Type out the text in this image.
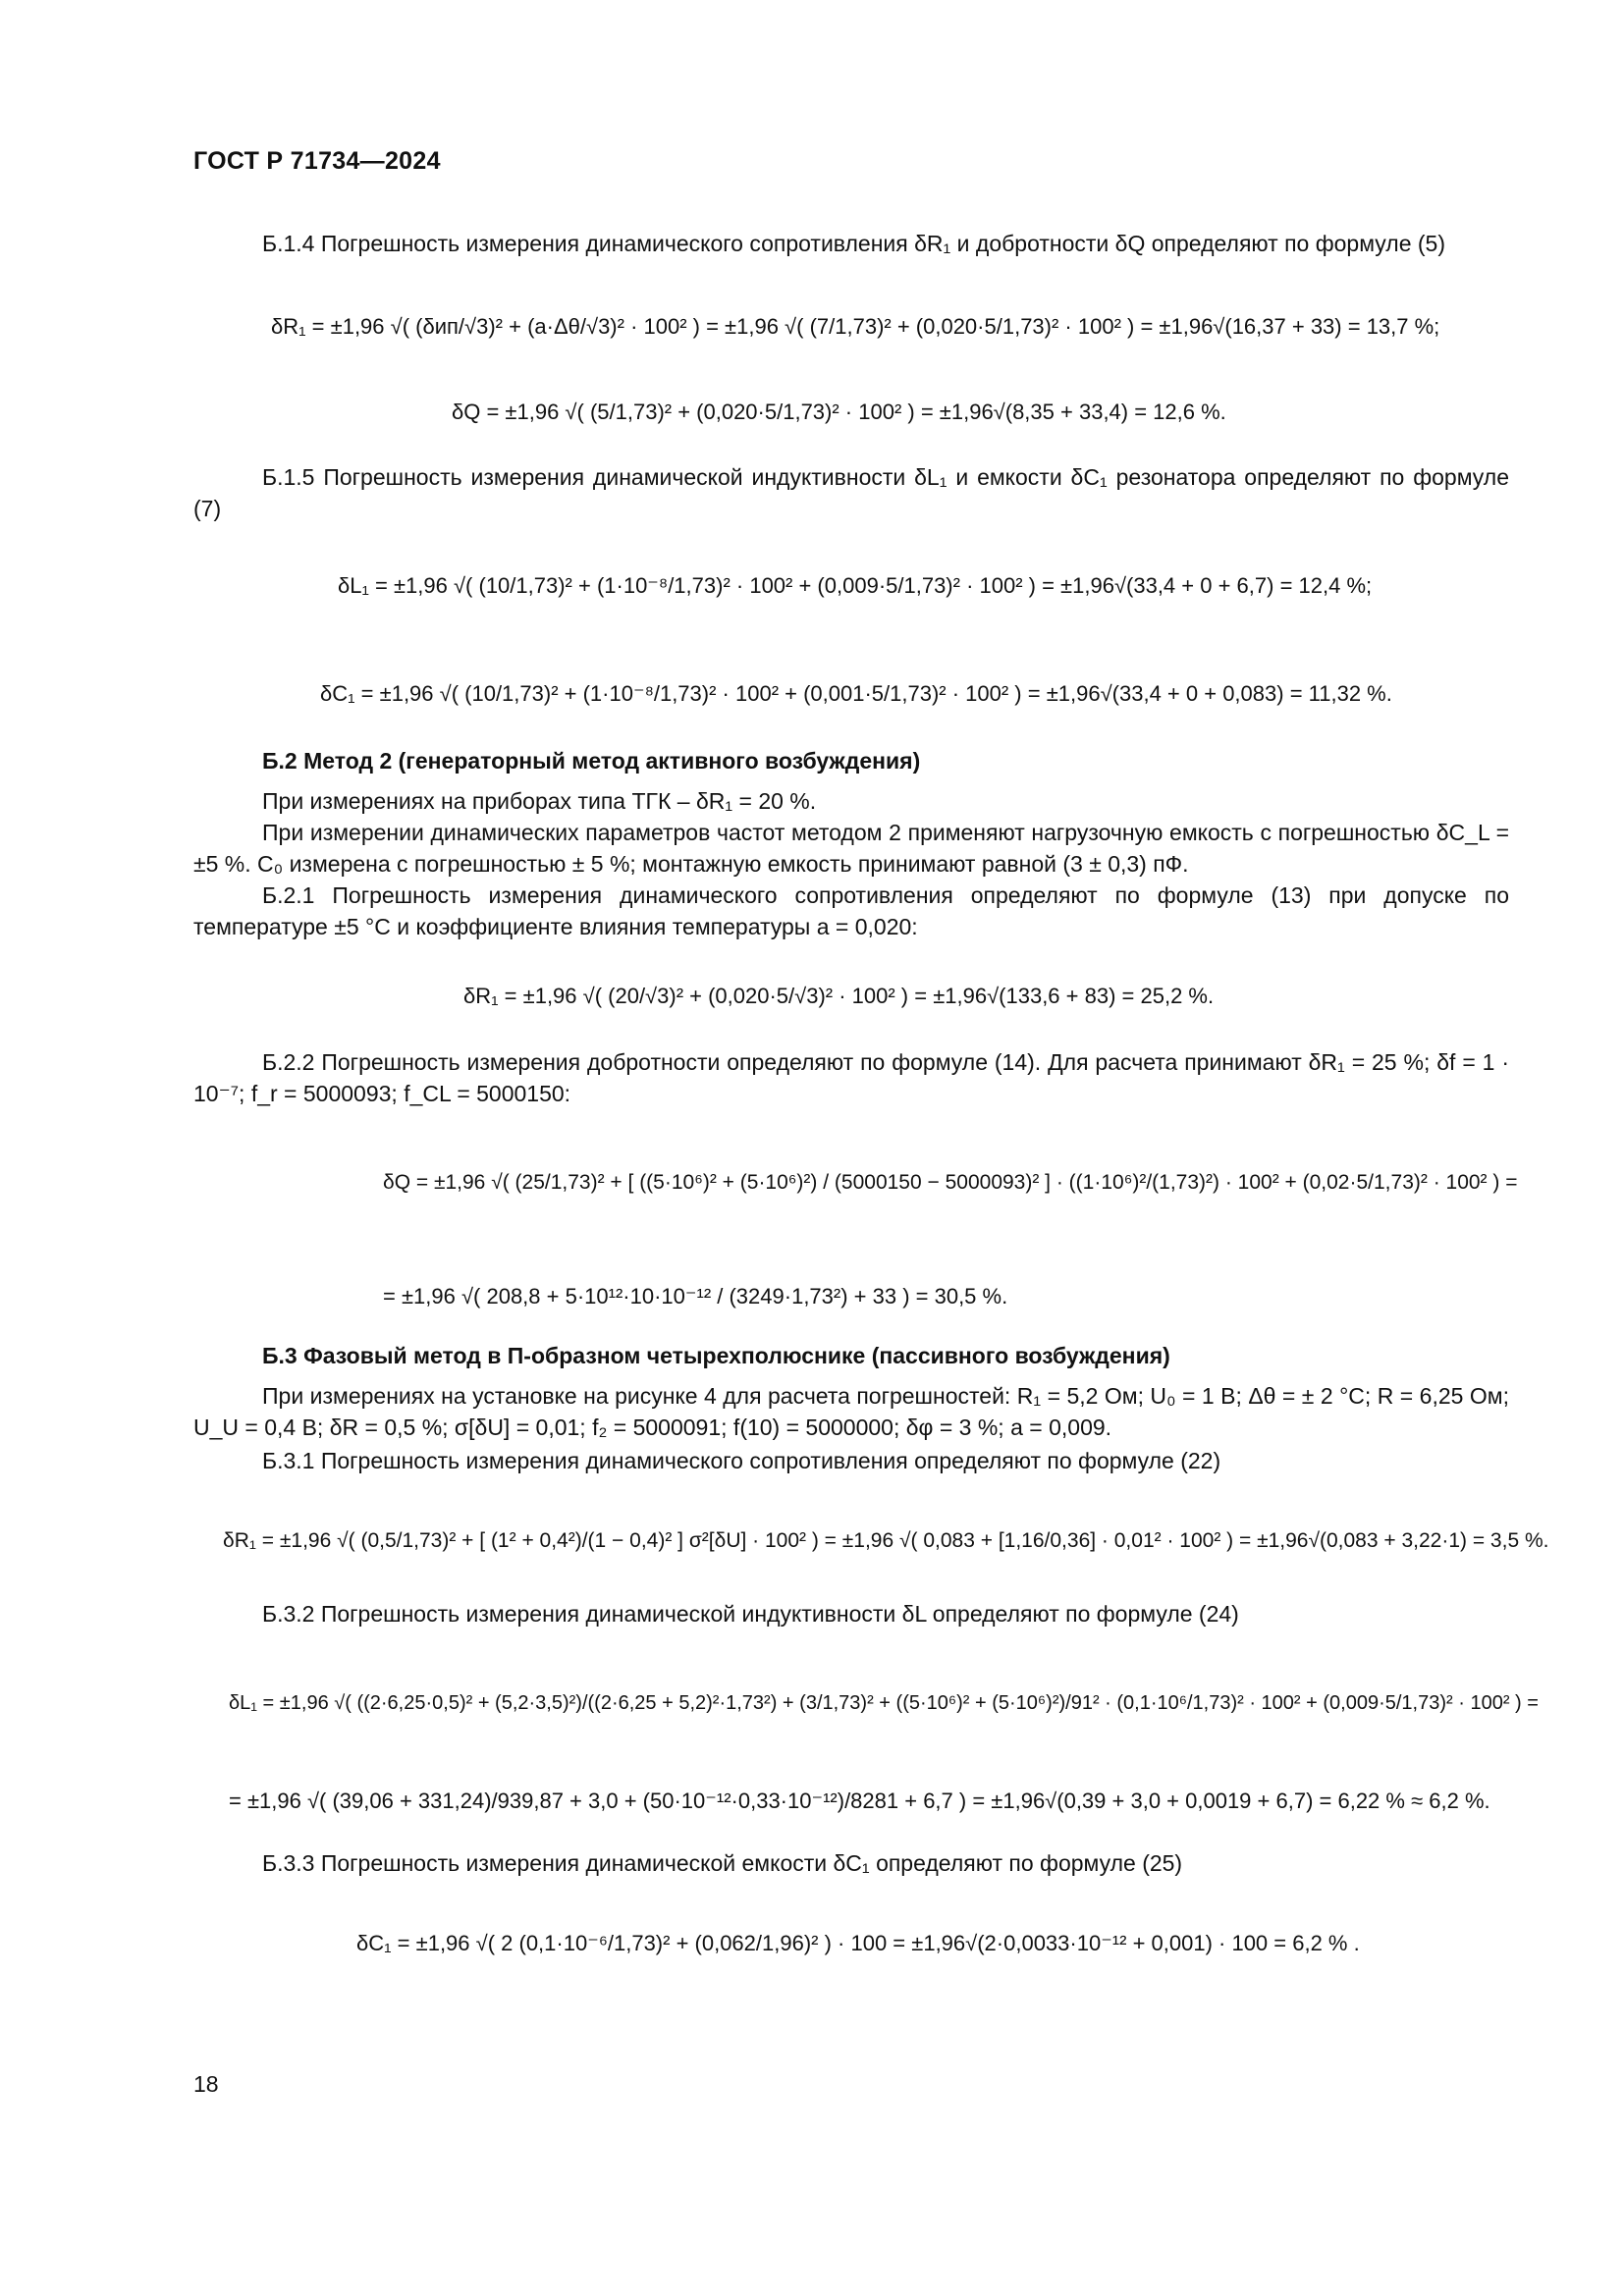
ГОСТ Р 71734—2024
Б.1.4 Погрешность измерения динамического сопротивления δR₁ и добротности δQ определяют по формуле (5)
δR₁ = ±1,96 √( (δип/√3)² + (a·Δθ/√3)² · 100² ) = ±1,96 √( (7/1,73)² + (0,020·5/1,73)² · 100² ) = ±1,96√(16,37 + 33) = 13,7 %;
δQ = ±1,96 √( (5/1,73)² + (0,020·5/1,73)² · 100² ) = ±1,96√(8,35 + 33,4) = 12,6 %.
Б.1.5 Погрешность измерения динамической индуктивности δL₁ и емкости δC₁ резонатора определяют по формуле (7)
δL₁ = ±1,96 √( (10/1,73)² + (1·10⁻⁸/1,73)² · 100² + (0,009·5/1,73)² · 100² ) = ±1,96√(33,4 + 0 + 6,7) = 12,4 %;
δC₁ = ±1,96 √( (10/1,73)² + (1·10⁻⁸/1,73)² · 100² + (0,001·5/1,73)² · 100² ) = ±1,96√(33,4 + 0 + 0,083) = 11,32 %.
Б.2 Метод 2 (генераторный метод активного возбуждения)
При измерениях на приборах типа ТГК – δR₁ = 20 %.
При измерении динамических параметров частот методом 2 применяют нагрузочную емкость с погрешностью δC_L = ±5 %. C₀ измерена с погрешностью ± 5 %; монтажную емкость принимают равной (3 ± 0,3) пФ.
Б.2.1 Погрешность измерения динамического сопротивления определяют по формуле (13) при допуске по температуре ±5 °С и коэффициенте влияния температуры a = 0,020:
δR₁ = ±1,96 √( (20/√3)² + (0,020·5/√3)² · 100² ) = ±1,96√(133,6 + 83) = 25,2 %.
Б.2.2 Погрешность измерения добротности определяют по формуле (14). Для расчета принимают δR₁ = 25 %; δf = 1 · 10⁻⁷; f_r = 5000093; f_CL = 5000150:
δQ = ±1,96 √( (25/1,73)² + [ ((5·10⁶)² + (5·10⁶)²) / (5000150 − 5000093)² ] · ((1·10⁶)²/(1,73)²) · 100² + (0,02·5/1,73)² · 100² ) =
= ±1,96 √( 208,8 + 5·10¹²·10·10⁻¹² / (3249·1,73²) + 33 ) = 30,5 %.
Б.3 Фазовый метод в П-образном четырехполюснике (пассивного возбуждения)
При измерениях на установке на рисунке 4 для расчета погрешностей: R₁ = 5,2 Ом; U₀ = 1 В; Δθ = ± 2 °С; R = 6,25 Ом; U_U = 0,4 В; δR = 0,5 %; σ[δU] = 0,01; f₂ = 5000091; f(10) = 5000000; δφ = 3 %; a = 0,009.
Б.3.1 Погрешность измерения динамического сопротивления определяют по формуле (22)
δR₁ = ±1,96 √( (0,5/1,73)² + [ (1² + 0,4²)/(1 − 0,4)² ] σ²[δU] · 100² ) = ±1,96 √( 0,083 + [1,16/0,36] · 0,01² · 100² ) = ±1,96√(0,083 + 3,22·1) = 3,5 %.
Б.3.2 Погрешность измерения динамической индуктивности δL определяют по формуле (24)
δL₁ = ±1,96 √( ((2·6,25·0,5)² + (5,2·3,5)²)/((2·6,25 + 5,2)²·1,73²) + (3/1,73)² + ((5·10⁶)² + (5·10⁶)²)/91² · (0,1·10⁶/1,73)² · 100² + (0,009·5/1,73)² · 100² ) =
= ±1,96 √( (39,06 + 331,24)/939,87 + 3,0 + (50·10⁻¹²·0,33·10⁻¹²)/8281 + 6,7 ) = ±1,96√(0,39 + 3,0 + 0,0019 + 6,7) = 6,22 % ≈ 6,2 %.
Б.3.3 Погрешность измерения динамической емкости δC₁ определяют по формуле (25)
δC₁ = ±1,96 √( 2 (0,1·10⁻⁶/1,73)² + (0,062/1,96)² ) · 100 = ±1,96√(2·0,0033·10⁻¹² + 0,001) · 100 = 6,2 % .
18
